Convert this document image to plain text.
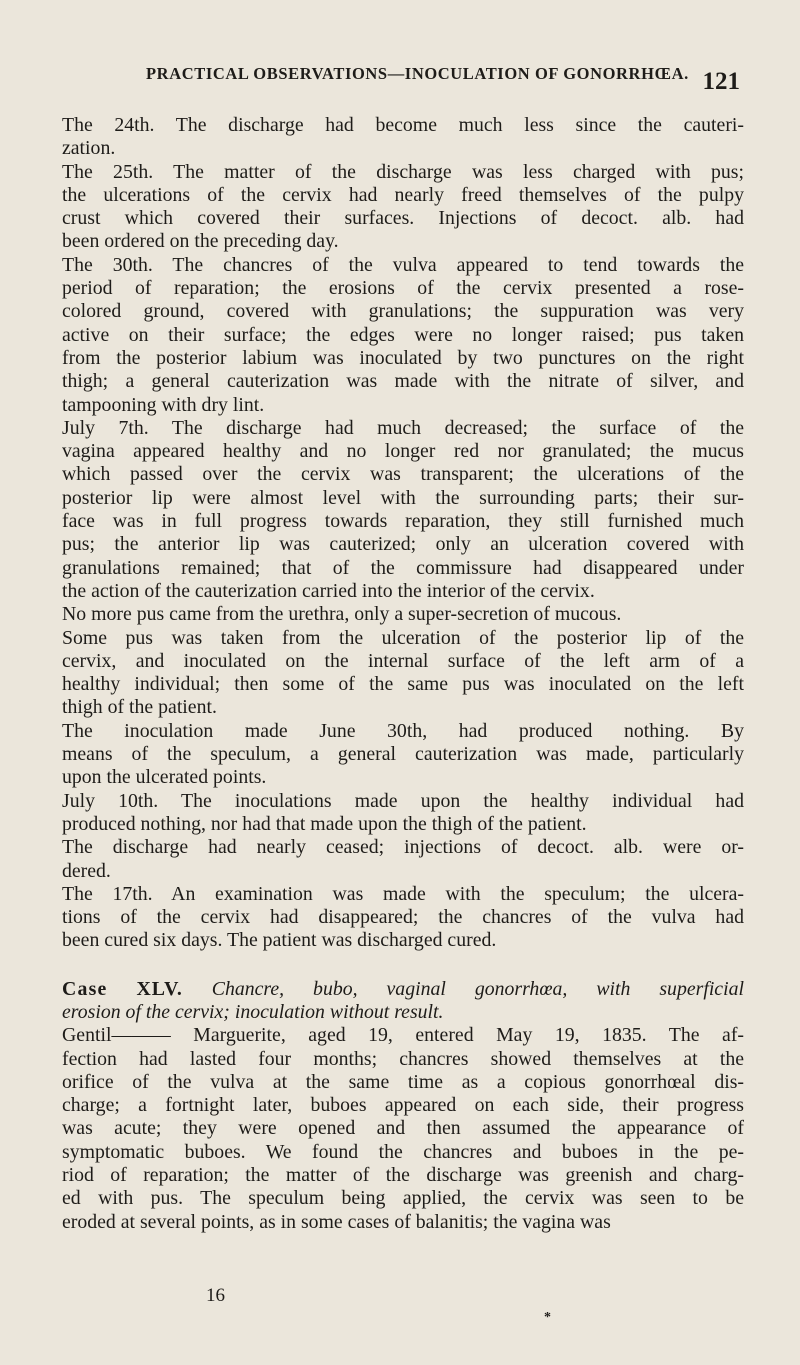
PRACTICAL OBSERVATIONS—INOCULATION OF GONORRHŒA. 121
The 24th. The discharge had become much less since the cauteri-
zation.
The 25th. The matter of the discharge was less charged with pus;
the ulcerations of the cervix had nearly freed themselves of the pulpy
crust which covered their surfaces. Injections of decoct. alb. had
been ordered on the preceding day.
The 30th. The chancres of the vulva appeared to tend towards the
period of reparation; the erosions of the cervix presented a rose-
colored ground, covered with granulations; the suppuration was very
active on their surface; the edges were no longer raised; pus taken
from the posterior labium was inoculated by two punctures on the right
thigh; a general cauterization was made with the nitrate of silver, and
tampooning with dry lint.
July 7th. The discharge had much decreased; the surface of the
vagina appeared healthy and no longer red nor granulated; the mucus
which passed over the cervix was transparent; the ulcerations of the
posterior lip were almost level with the surrounding parts; their sur-
face was in full progress towards reparation, they still furnished much
pus; the anterior lip was cauterized; only an ulceration covered with
granulations remained; that of the commissure had disappeared under
the action of the cauterization carried into the interior of the cervix.
No more pus came from the urethra, only a super-secretion of mucous.
Some pus was taken from the ulceration of the posterior lip of the
cervix, and inoculated on the internal surface of the left arm of a
healthy individual; then some of the same pus was inoculated on the left
thigh of the patient.
The inoculation made June 30th, had produced nothing. By
means of the speculum, a general cauterization was made, particularly
upon the ulcerated points.
July 10th. The inoculations made upon the healthy individual had
produced nothing, nor had that made upon the thigh of the patient.
The discharge had nearly ceased; injections of decoct. alb. were or-
dered.
The 17th. An examination was made with the speculum; the ulcera-
tions of the cervix had disappeared; the chancres of the vulva had
been cured six days. The patient was discharged cured.
Case XLV. Chancre, bubo, vaginal gonorrhœa, with superficial
erosion of the cervix; inoculation without result.
Gentil——— Marguerite, aged 19, entered May 19, 1835. The af-
fection had lasted four months; chancres showed themselves at the
orifice of the vulva at the same time as a copious gonorrhœal dis-
charge; a fortnight later, buboes appeared on each side, their progress
was acute; they were opened and then assumed the appearance of
symptomatic buboes. We found the chancres and buboes in the pe-
riod of reparation; the matter of the discharge was greenish and charg-
ed with pus. The speculum being applied, the cervix was seen to be
eroded at several points, as in some cases of balanitis; the vagina was
16
*
